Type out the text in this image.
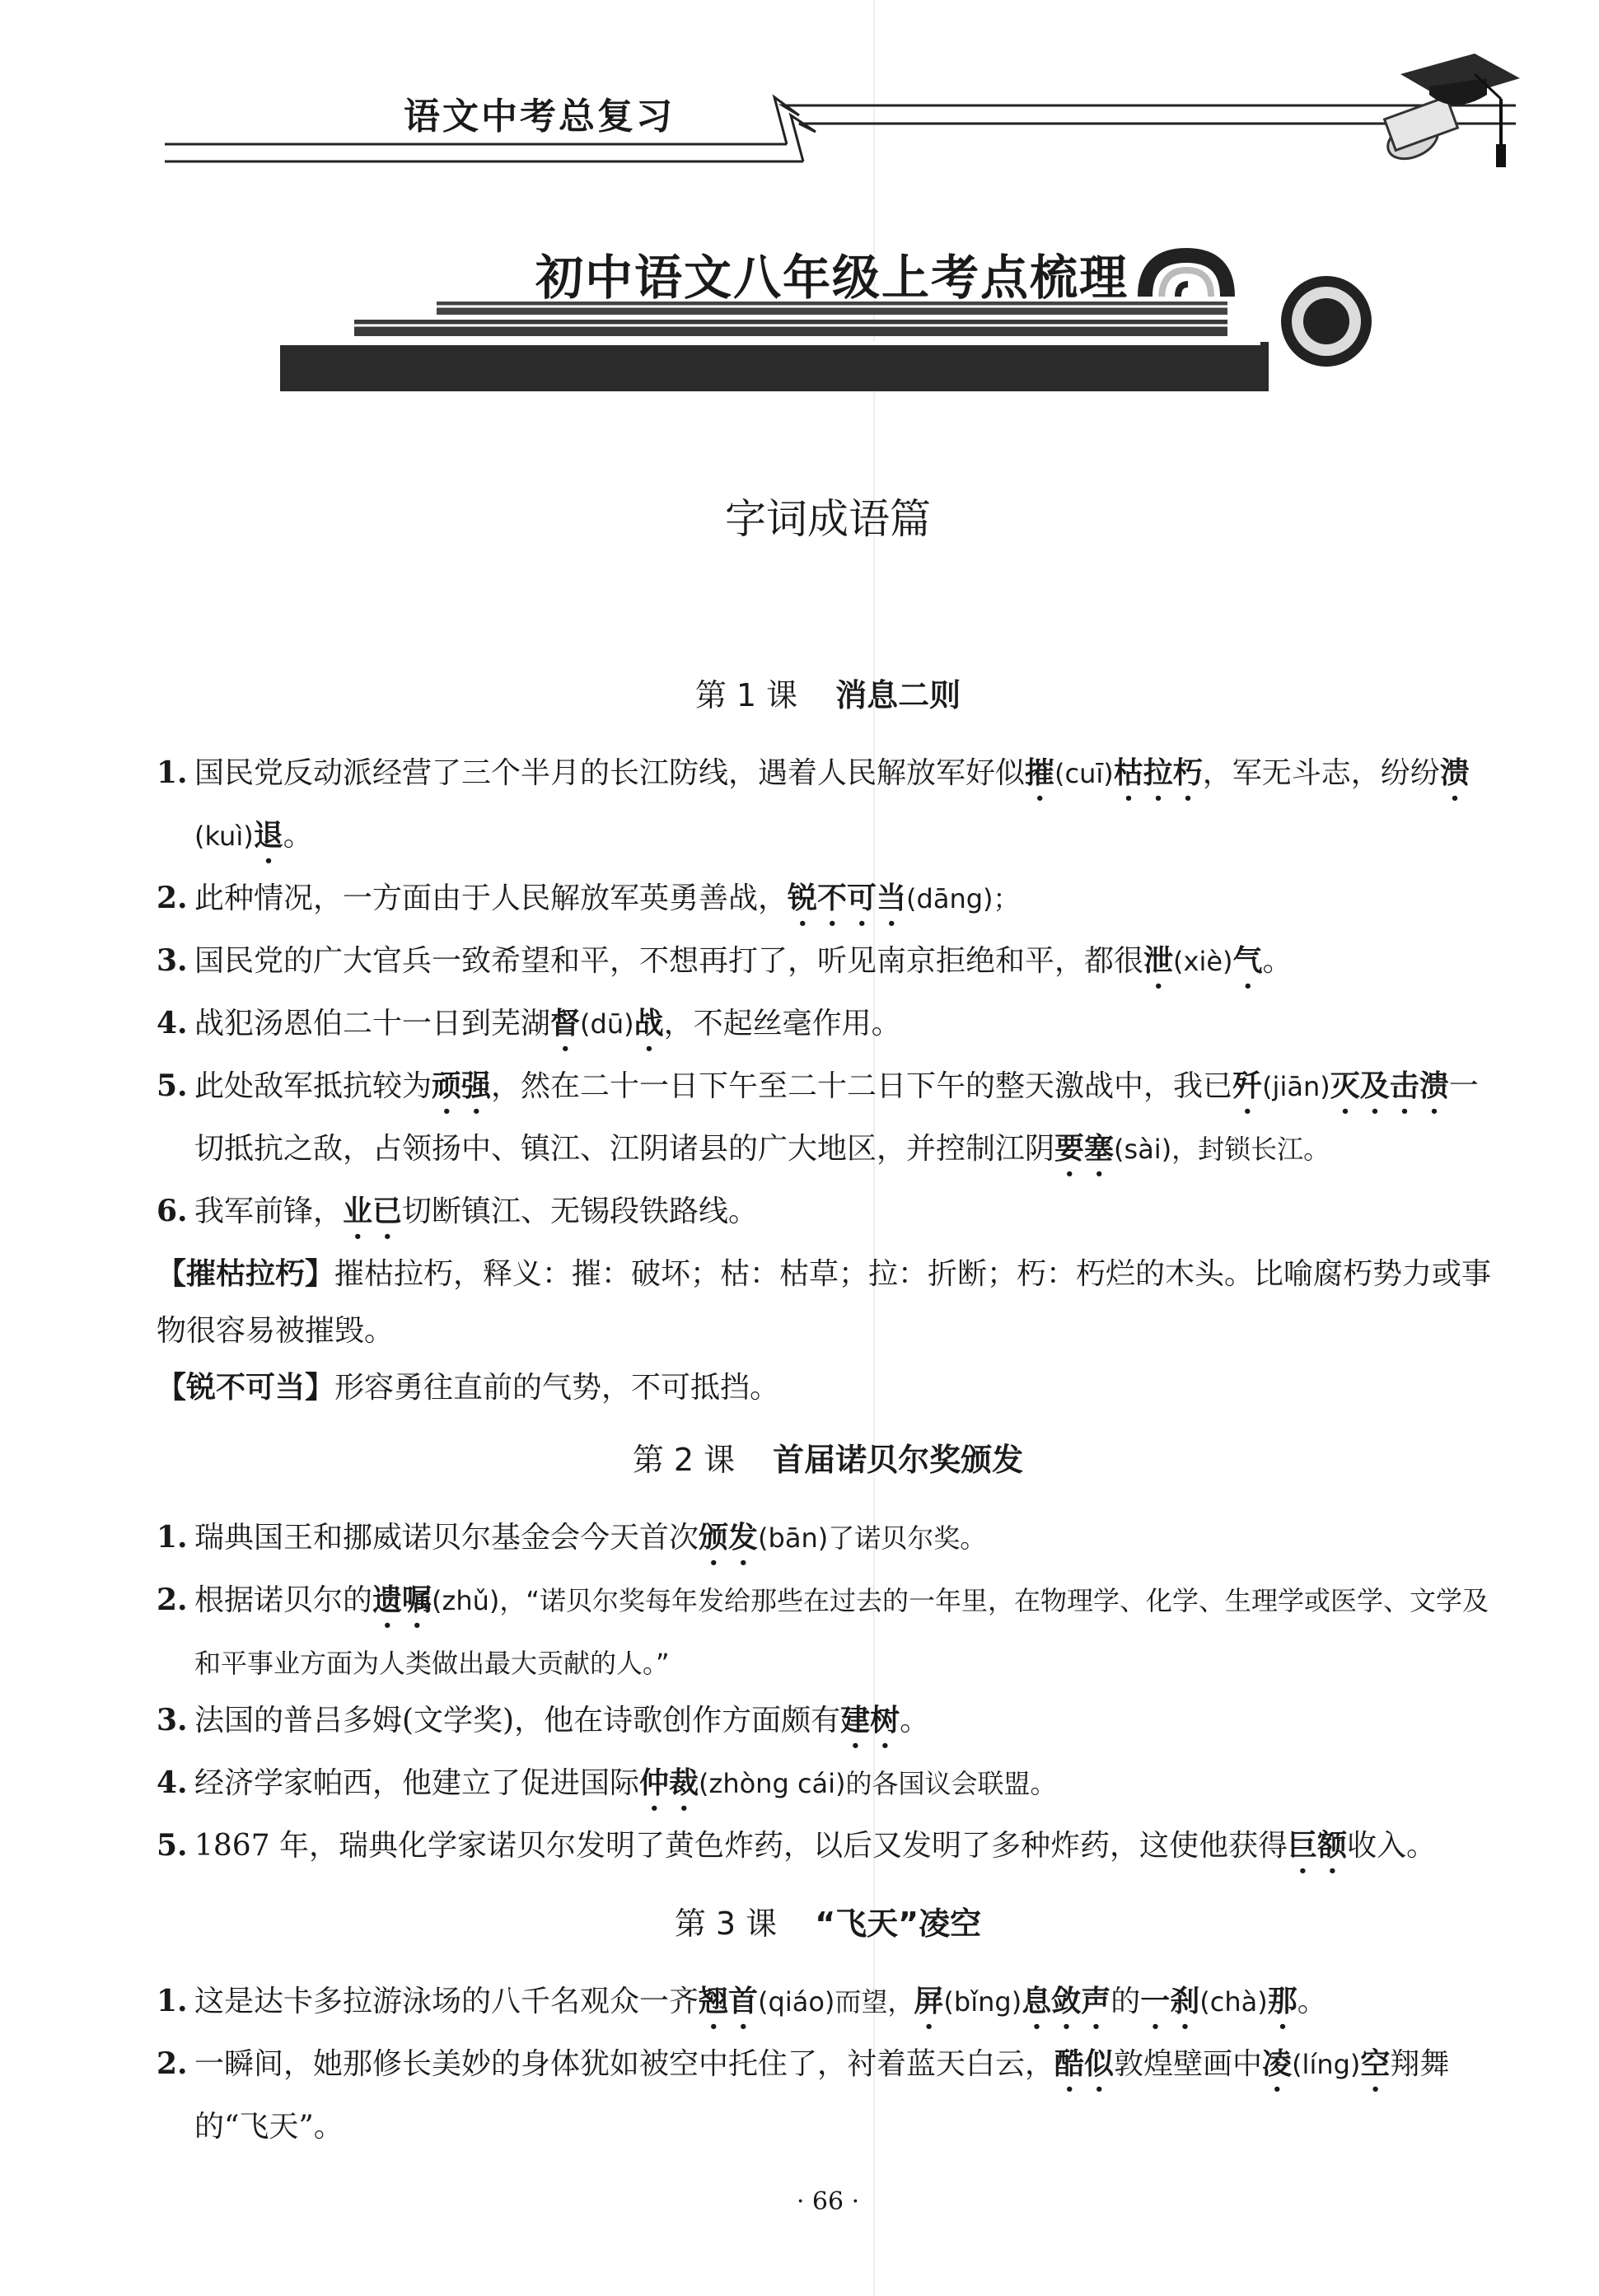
语文中考总复习
初中语文八年级上考点梳理
字词成语篇
第 1 课 消息二则
1. 国民党反动派经营了三个半月的长江防线，遇着人民解放军好似摧(cuī)枯拉朽，军无斗志，纷纷溃(kuì)退。
2. 此种情况，一方面由于人民解放军英勇善战，锐不可当(dāng)；
3. 国民党的广大官兵一致希望和平，不想再打了，听见南京拒绝和平，都很泄(xiè)气。
4. 战犯汤恩伯二十一日到芜湖督(dū)战，不起丝毫作用。
5. 此处敌军抵抗较为顽强，然在二十一日下午至二十二日下午的整天激战中，我已歼(jiān)灭及击溃一切抵抗之敌，占领扬中、镇江、江阴诸县的广大地区，并控制江阴要塞(sài)，封锁长江。
6. 我军前锋，业已切断镇江、无锡段铁路线。
【摧枯拉朽】摧枯拉朽，释义：摧：破坏；枯：枯草；拉：折断；朽：朽烂的木头。比喻腐朽势力或事物很容易被摧毁。
【锐不可当】形容勇往直前的气势，不可抵挡。
第 2 课 首届诺贝尔奖颁发
1. 瑞典国王和挪威诺贝尔基金会今天首次颁发(bān)了诺贝尔奖。
2. 根据诺贝尔的遗嘱(zhǔ)，“诺贝尔奖每年发给那些在过去的一年里，在物理学、化学、生理学或医学、文学及和平事业方面为人类做出最大贡献的人。”
3. 法国的普吕多姆(文学奖)，他在诗歌创作方面颇有建树。
4. 经济学家帕西，他建立了促进国际仲裁(zhòng cái)的各国议会联盟。
5. 1867 年，瑞典化学家诺贝尔发明了黄色炸药，以后又发明了多种炸药，这使他获得巨额收入。
第 3 课 “飞天”凌空
1. 这是达卡多拉游泳场的八千名观众一齐翘首(qiáo)而望，屏(bǐng)息敛声的一刹(chà)那。
2. 一瞬间，她那修长美妙的身体犹如被空中托住了，衬着蓝天白云，酷似敦煌壁画中凌(líng)空翔舞的“飞天”。
· 66 ·
